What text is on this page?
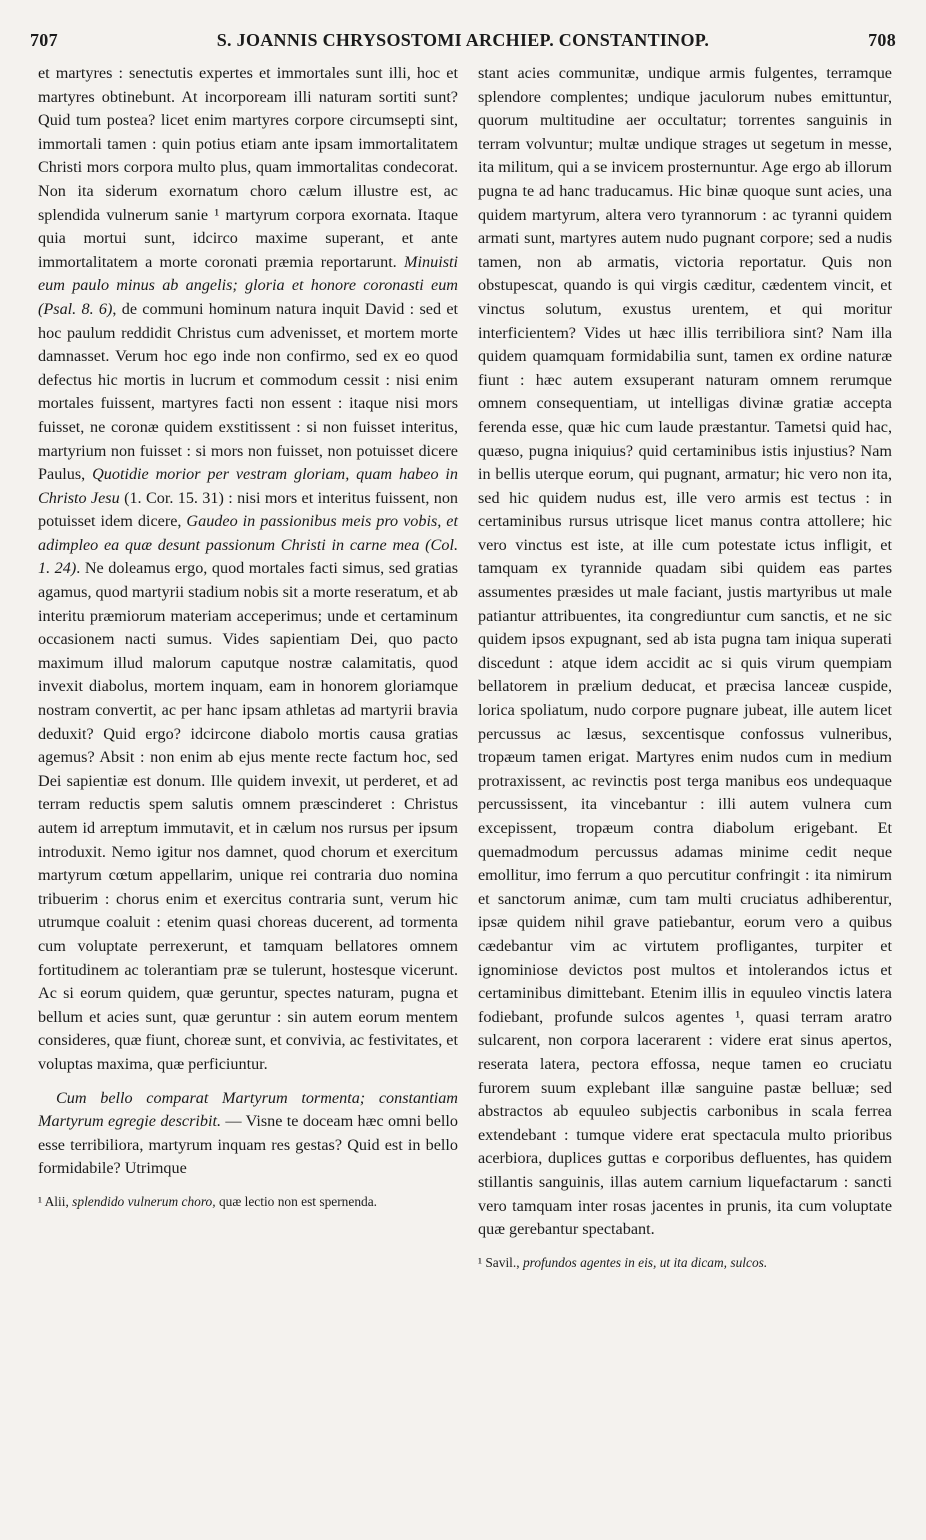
707	S. JOANNIS CHRYSOSTOMI ARCHIEP. CONSTANTINOP.	708

et martyres : senectutis expertes et immortales sunt illi, hoc et martyres obtinebunt. At incorpoream illi naturam sortiti sunt? Quid tum postea? licet enim martyres corpore circumsepti sint, immortali tamen : quin potius etiam ante ipsam immortalitatem Christi mors corpora multo plus, quam immortalitas condecorat. Non ita siderum exornatum choro cælum illustre est, ac splendida vulnerum sanie ¹ martyrum corpora exornata. Itaque quia mortui sunt, idcirco maxime superant, et ante immortalitatem a morte coronati præmia reportarunt. Minuisti eum paulo minus ab angelis; gloria et honore coronasti eum (Psal. 8. 6), de communi hominum natura inquit David : sed et hoc paulum reddidit Christus cum advenisset, et mortem morte damnasset. Verum hoc ego inde non confirmo, sed ex eo quod defectus hic mortis in lucrum et commodum cessit : nisi enim mortales fuissent, martyres facti non essent : itaque nisi mors fuisset, ne coronæ quidem exstitissent : si non fuisset interitus, martyrium non fuisset : si mors non fuisset, non potuisset dicere Paulus, Quotidie morior per vestram gloriam, quam habeo in Christo Jesu (1. Cor. 15. 31) : nisi mors et interitus fuissent, non potuisset idem dicere, Gaudeo in passionibus meis pro vobis, et adimpleo ea quæ desunt passionum Christi in carne mea (Col. 1. 24). Ne doleamus ergo, quod mortales facti simus, sed gratias agamus, quod martyrii stadium nobis sit a morte reseratum, et ab interitu præmiorum materiam acceperimus; unde et certaminum occasionem nacti sumus. Vides sapientiam Dei, quo pacto maximum illud malorum caputque nostræ calamitatis, quod invexit diabolus, mortem inquam, eam in honorem gloriamque nostram convertit, ac per hanc ipsam athletas ad martyrii bravia deduxit? Quid ergo? idcircone diabolo mortis causa gratias agemus? Absit : non enim ab ejus mente recte factum hoc, sed Dei sapientiæ est donum. Ille quidem invexit, ut perderet, et ad terram reductis spem salutis omnem præscinderet : Christus autem id arreptum immutavit, et in cælum nos rursus per ipsum introduxit. Nemo igitur nos damnet, quod chorum et exercitum martyrum cœtum appellarim, unique rei contraria duo nomina tribuerim : chorus enim et exercitus contraria sunt, verum hic utrumque coaluit : etenim quasi choreas ducerent, ad tormenta cum voluptate perrexerunt, et tamquam bellatores omnem fortitudinem ac tolerantiam præ se tulerunt, hostesque vicerunt. Ac si eorum quidem, quæ geruntur, spectes naturam, pugna et bellum et acies sunt, quæ geruntur : sin autem eorum mentem consideres, quæ fiunt, choreæ sunt, et convivia, ac festivitates, et voluptas maxima, quæ perficiuntur.

Cum bello comparat Martyrum tormenta; constantiam Martyrum egregie describit. — Visne te doceam hæc omni bello esse terribiliora, martyrum inquam res gestas? Quid est in bello formidabile? Utrimque

¹ Alii, splendido vulnerum choro, quæ lectio non est spernenda.

stant acies communitæ, undique armis fulgentes, terramque splendore complentes; undique jaculorum nubes emittuntur, quorum multitudine aer occultatur; torrentes sanguinis in terram volvuntur; multæ undique strages ut segetum in messe, ita militum, qui a se invicem prosternuntur. Age ergo ab illorum pugna te ad hanc traducamus. Hic binæ quoque sunt acies, una quidem martyrum, altera vero tyrannorum : ac tyranni quidem armati sunt, martyres autem nudo pugnant corpore; sed a nudis tamen, non ab armatis, victoria reportatur. Quis non obstupescat, quando is qui virgis cæditur, cædentem vincit, et vinctus solutum, exustus urentem, et qui moritur interficientem? Vides ut hæc illis terribiliora sint? Nam illa quidem quamquam formidabilia sunt, tamen ex ordine naturæ fiunt : hæc autem exsuperant naturam omnem rerumque omnem consequentiam, ut intelligas divinæ gratiæ accepta ferenda esse, quæ hic cum laude præstantur. Tametsi quid hac, quæso, pugna iniquius? quid certaminibus istis injustius? Nam in bellis uterque eorum, qui pugnant, armatur; hic vero non ita, sed hic quidem nudus est, ille vero armis est tectus : in certaminibus rursus utrisque licet manus contra attollere; hic vero vinctus est iste, at ille cum potestate ictus infligit, et tamquam ex tyrannide quadam sibi quidem eas partes assumentes præsides ut male faciant, justis martyribus ut male patiantur attribuentes, ita congrediuntur cum sanctis, et ne sic quidem ipsos expugnant, sed ab ista pugna tam iniqua superati discedunt : atque idem accidit ac si quis virum quempiam bellatorem in prælium deducat, et præcisa lanceæ cuspide, lorica spoliatum, nudo corpore pugnare jubeat, ille autem licet percussus ac læsus, sexcentisque confossus vulneribus, tropæum tamen erigat. Martyres enim nudos cum in medium protraxissent, ac revinctis post terga manibus eos undequaque percussissent, ita vincebantur : illi autem vulnera cum excepissent, tropæum contra diabolum erigebant. Et quemadmodum percussus adamas minime cedit neque emollitur, imo ferrum a quo percutitur confringit : ita nimirum et sanctorum animæ, cum tam multi cruciatus adhiberentur, ipsæ quidem nihil grave patiebantur, eorum vero a quibus cædebantur vim ac virtutem profligantes, turpiter et ignominiose devictos post multos et intolerandos ictus et certaminibus dimittebant. Etenim illis in equuleo vinctis latera fodiebant, profunde sulcos agentes ¹, quasi terram aratro sulcarent, non corpora lacerarent : videre erat sinus apertos, reserata latera, pectora effossa, neque tamen eo cruciatu furorem suum explebant illæ sanguine pastæ belluæ; sed abstractos ab equuleo subjectis carbonibus in scala ferrea extendebant : tumque videre erat spectacula multo prioribus acerbiora, duplices guttas e corporibus defluentes, has quidem stillantis sanguinis, illas autem carnium liquefactarum : sancti vero tamquam inter rosas jacentes in prunis, ita cum voluptate quæ gerebantur spectabant.

¹ Savil., profundos agentes in eis, ut ita dicam, sulcos.
